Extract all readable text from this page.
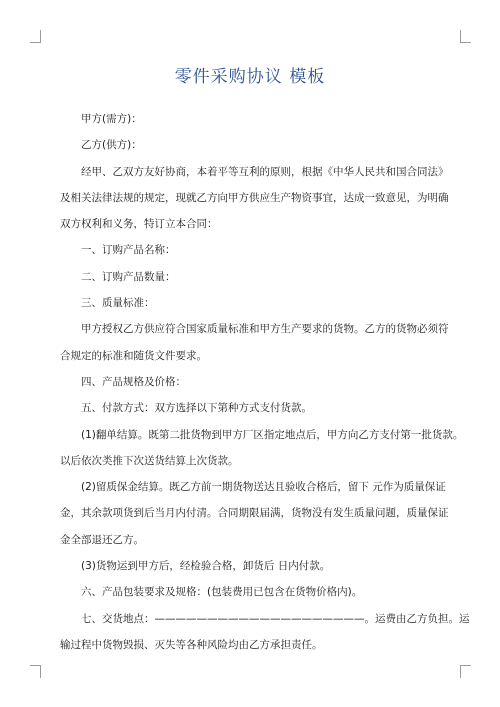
零件采购协议 模板

甲方(需方)：

乙方(供方)：

经甲、乙双方友好协商，本着平等互利的原则，根据《中华人民共和国合同法》

及相关法律法规的规定，现就乙方向甲方供应生产物资事宜，达成一致意见，为明确

双方权利和义务，特订立本合同：

一、订购产品名称：

二、订购产品数量：

三、质量标准：

甲方授权乙方供应符合国家质量标准和甲方生产要求的货物。乙方的货物必须符

合规定的标准和随货文件要求。

四、产品规格及价格：

五、付款方式：双方选择以下第种方式支付货款。

(1)翻单结算。既第二批货物到甲方厂区指定地点后，甲方向乙方支付第一批货款。

以后依次类推下次送货结算上次货款。

(2)留质保金结算。既乙方前一期货物送达且验收合格后，留下 元作为质量保证

金，其余款项货到后当月内付清。合同期限届满，货物没有发生质量问题，质量保证

金全部退还乙方。

(3)货物运到甲方后，经检验合格，卸货后 日内付款。

六、产品包装要求及规格：(包装费用已包含在货物价格内)。

七、交货地点：————————————————————。运费由乙方负担。运

输过程中货物毁损、灭失等各种风险均由乙方承担责任。
